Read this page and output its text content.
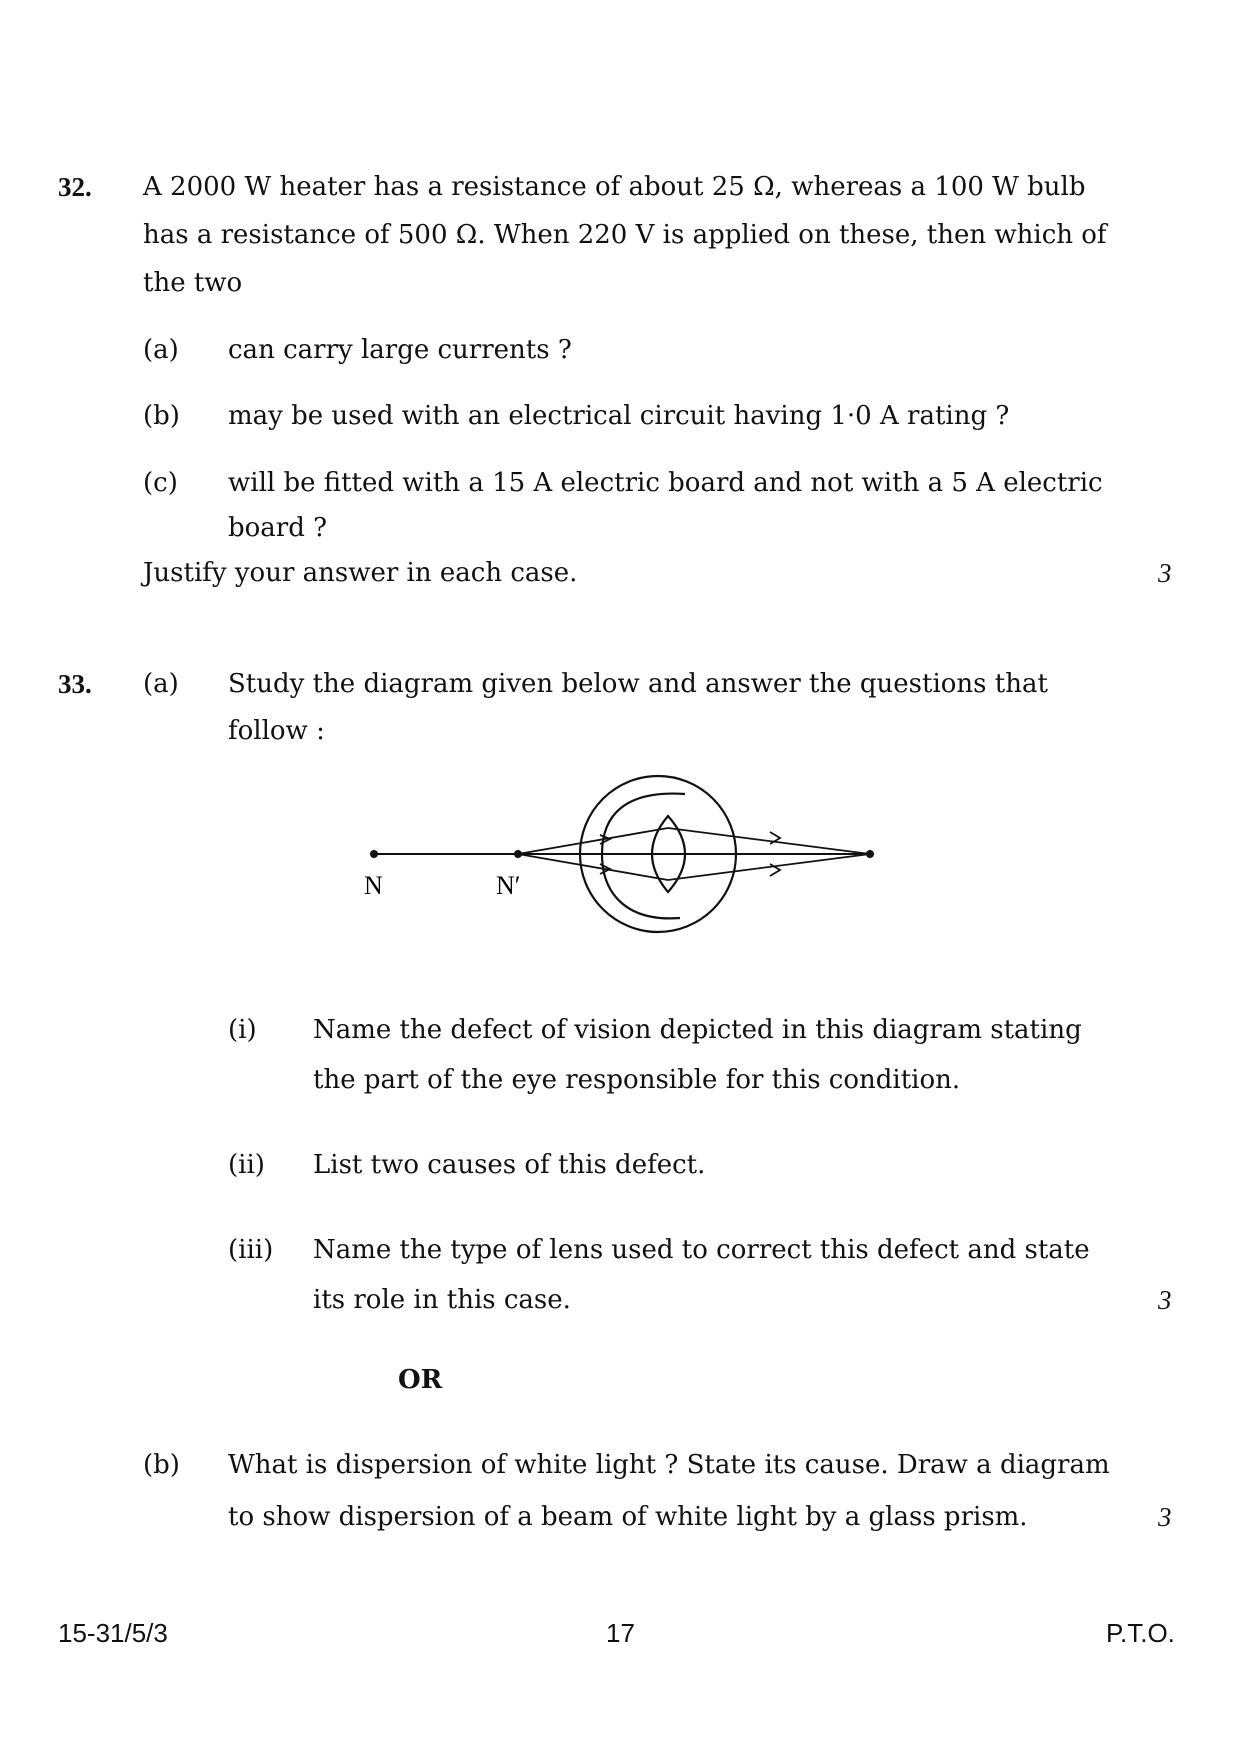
32. A 2000 W heater has a resistance of about 25 Ω, whereas a 100 W bulb
has a resistance of 500 Ω. When 220 V is applied on these, then which of
the two
(a) can carry large currents ?
(b) may be used with an electrical circuit having 1·0 A rating ?
(c) will be fitted with a 15 A electric board and not with a 5 A electric
board ?
Justify your answer in each case.	3
33. (a) Study the diagram given below and answer the questions that
follow :
N	N′
(i) Name the defect of vision depicted in this diagram stating
the part of the eye responsible for this condition.
(ii) List two causes of this defect.
(iii) Name the type of lens used to correct this defect and state
its role in this case.	3
OR
(b) What is dispersion of white light ? State its cause. Draw a diagram
to show dispersion of a beam of white light by a glass prism.	3
15-31/5/3	17	P.T.O.
